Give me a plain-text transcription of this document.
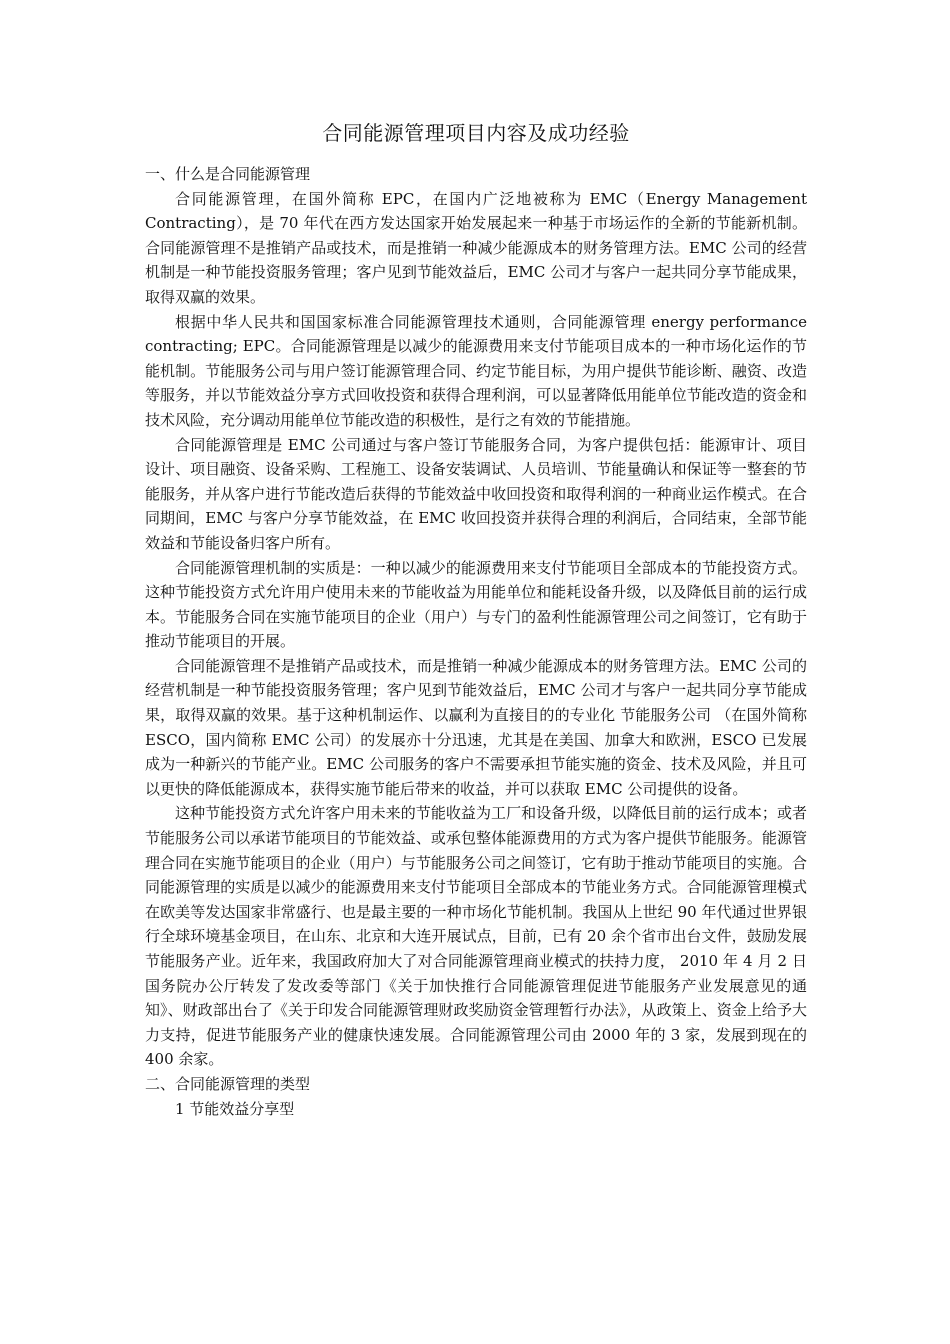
合同能源管理项目内容及成功经验

一、什么是合同能源管理

合同能源管理，在国外简称 EPC，在国内广泛地被称为 EMC（Energy Management Contracting），是 70 年代在西方发达国家开始发展起来一种基于市场运作的全新的节能新机制。合同能源管理不是推销产品或技术，而是推销一种减少能源成本的财务管理方法。EMC 公司的经营机制是一种节能投资服务管理；客户见到节能效益后，EMC 公司才与客户一起共同分享节能成果，取得双赢的效果。

根据中华人民共和国国家标准合同能源管理技术通则，合同能源管理 energy performance contracting; EPC。合同能源管理是以减少的能源费用来支付节能项目成本的一种市场化运作的节能机制。节能服务公司与用户签订能源管理合同、约定节能目标，为用户提供节能诊断、融资、改造等服务，并以节能效益分享方式回收投资和获得合理利润，可以显著降低用能单位节能改造的资金和技术风险，充分调动用能单位节能改造的积极性，是行之有效的节能措施。

合同能源管理是 EMC 公司通过与客户签订节能服务合同，为客户提供包括：能源审计、项目设计、项目融资、设备采购、工程施工、设备安装调试、人员培训、节能量确认和保证等一整套的节能服务，并从客户进行节能改造后获得的节能效益中收回投资和取得利润的一种商业运作模式。在合同期间，EMC 与客户分享节能效益，在 EMC 收回投资并获得合理的利润后，合同结束，全部节能效益和节能设备归客户所有。

合同能源管理机制的实质是：一种以减少的能源费用来支付节能项目全部成本的节能投资方式。这种节能投资方式允许用户使用未来的节能收益为用能单位和能耗设备升级，以及降低目前的运行成本。节能服务合同在实施节能项目的企业（用户）与专门的盈利性能源管理公司之间签订，它有助于推动节能项目的开展。

合同能源管理不是推销产品或技术，而是推销一种减少能源成本的财务管理方法。EMC 公司的经营机制是一种节能投资服务管理；客户见到节能效益后，EMC 公司才与客户一起共同分享节能成果，取得双赢的效果。基于这种机制运作、以赢利为直接目的的专业化 节能服务公司 （在国外简称 ESCO，国内简称 EMC 公司）的发展亦十分迅速，尤其是在美国、加拿大和欧洲，ESCO 已发展成为一种新兴的节能产业。EMC 公司服务的客户不需要承担节能实施的资金、技术及风险，并且可以更快的降低能源成本，获得实施节能后带来的收益，并可以获取 EMC 公司提供的设备。

这种节能投资方式允许客户用未来的节能收益为工厂和设备升级，以降低目前的运行成本；或者节能服务公司以承诺节能项目的节能效益、或承包整体能源费用的方式为客户提供节能服务。能源管理合同在实施节能项目的企业（用户）与节能服务公司之间签订，它有助于推动节能项目的实施。合同能源管理的实质是以减少的能源费用来支付节能项目全部成本的节能业务方式。合同能源管理模式在欧美等发达国家非常盛行、也是最主要的一种市场化节能机制。我国从上世纪 90 年代通过世界银行全球环境基金项目，在山东、北京和大连开展试点，目前，已有 20 余个省市出台文件，鼓励发展节能服务产业。近年来，我国政府加大了对合同能源管理商业模式的扶持力度， 2010 年 4 月 2 日国务院办公厅转发了发改委等部门《关于加快推行合同能源管理促进节能服务产业发展意见的通知》、财政部出台了《关于印发合同能源管理财政奖励资金管理暂行办法》，从政策上、资金上给予大力支持，促进节能服务产业的健康快速发展。合同能源管理公司由 2000 年的 3 家，发展到现在的 400 余家。

二、合同能源管理的类型

1 节能效益分享型
